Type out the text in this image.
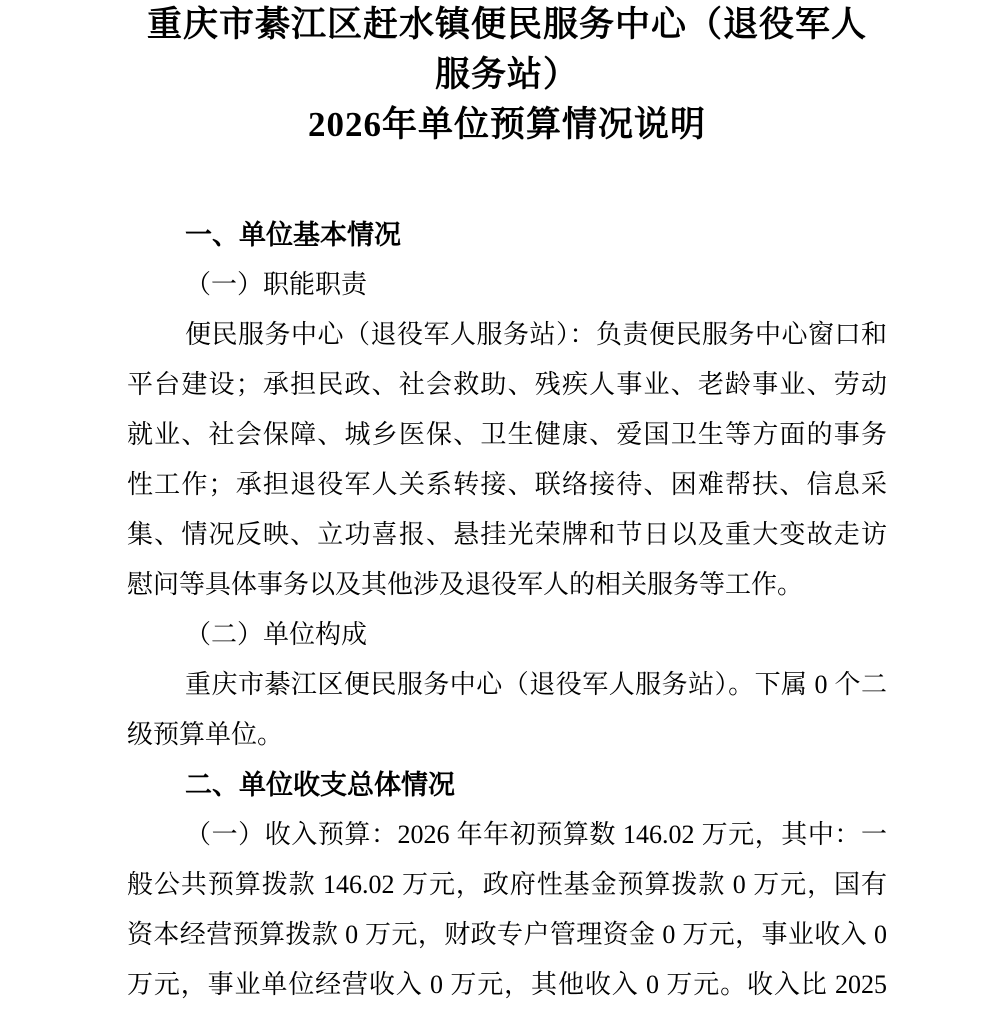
重庆市綦江区赶水镇便民服务中心（退役军人
服务站）
2026年单位预算情况说明
一、单位基本情况
（一）职能职责
便民服务中心（退役军人服务站）：负责便民服务中心窗口和
平台建设；承担民政、社会救助、残疾人事业、老龄事业、劳动
就业、社会保障、城乡医保、卫生健康、爱国卫生等方面的事务
性工作；承担退役军人关系转接、联络接待、困难帮扶、信息采
集、情况反映、立功喜报、悬挂光荣牌和节日以及重大变故走访
慰问等具体事务以及其他涉及退役军人的相关服务等工作。
（二）单位构成
重庆市綦江区便民服务中心（退役军人服务站）。下属 0 个二
级预算单位。
二、单位收支总体情况
（一）收入预算：2026 年年初预算数 146.02 万元，其中：一
般公共预算拨款 146.02 万元，政府性基金预算拨款 0 万元，国有
资本经营预算拨款 0 万元，财政专户管理资金 0 万元，事业收入 0
万元，事业单位经营收入 0 万元，其他收入 0 万元。收入比 2025
